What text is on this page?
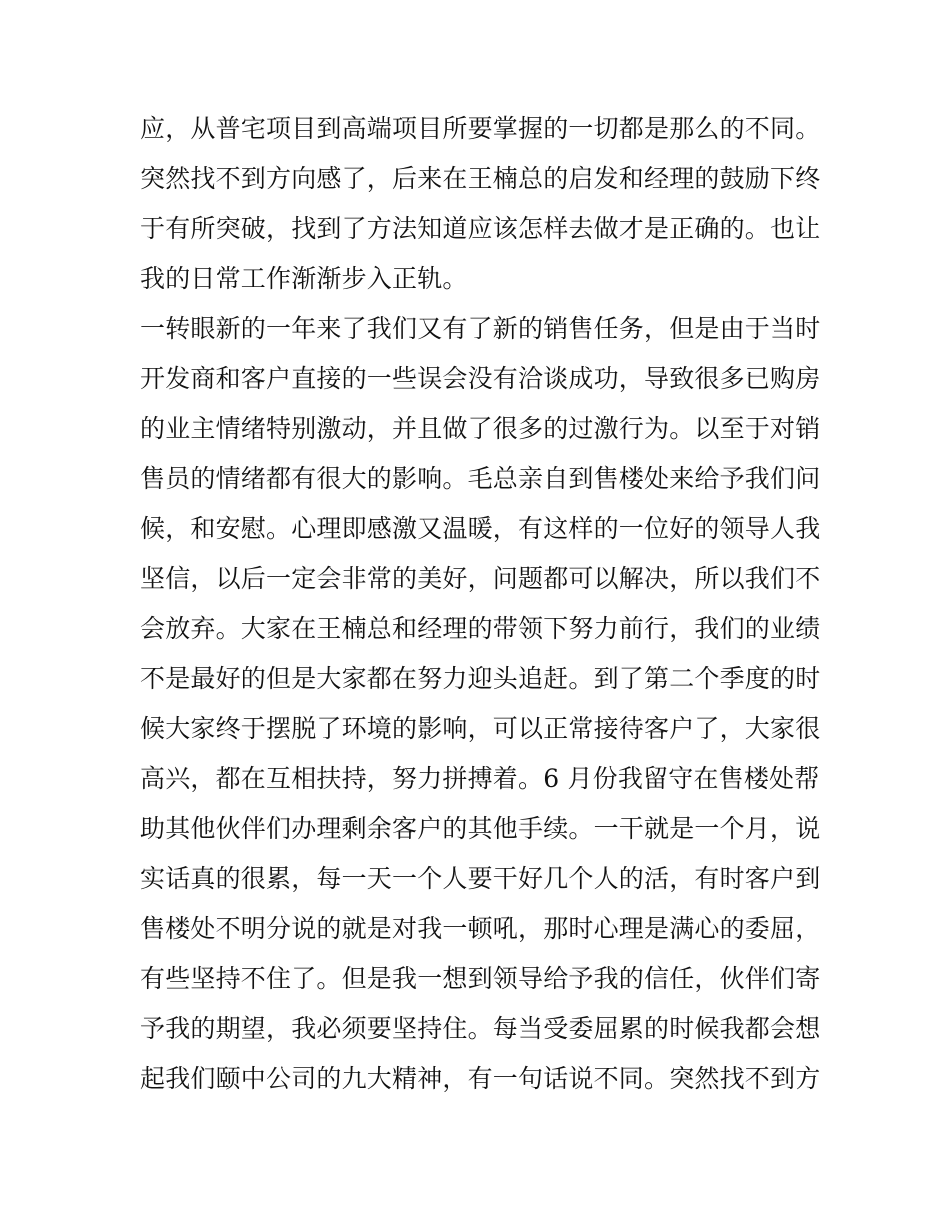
应，从普宅项目到高端项目所要掌握的一切都是那么的不同。
突然找不到方向感了，后来在王楠总的启发和经理的鼓励下终
于有所突破，找到了方法知道应该怎样去做才是正确的。也让
我的日常工作渐渐步入正轨。
一转眼新的一年来了我们又有了新的销售任务，但是由于当时
开发商和客户直接的一些误会没有洽谈成功，导致很多已购房
的业主情绪特别激动，并且做了很多的过激行为。以至于对销
售员的情绪都有很大的影响。毛总亲自到售楼处来给予我们问
候，和安慰。心理即感激又温暖，有这样的一位好的领导人我
坚信，以后一定会非常的美好，问题都可以解决，所以我们不
会放弃。大家在王楠总和经理的带领下努力前行，我们的业绩
不是最好的但是大家都在努力迎头追赶。到了第二个季度的时
候大家终于摆脱了环境的影响，可以正常接待客户了，大家很
高兴，都在互相扶持，努力拼搏着。6 月份我留守在售楼处帮
助其他伙伴们办理剩余客户的其他手续。一干就是一个月，说
实话真的很累，每一天一个人要干好几个人的活，有时客户到
售楼处不明分说的就是对我一顿吼，那时心理是满心的委屈，
有些坚持不住了。但是我一想到领导给予我的信任，伙伴们寄
予我的期望，我必须要坚持住。每当受委屈累的时候我都会想
起我们颐中公司的九大精神，有一句话说不同。突然找不到方
